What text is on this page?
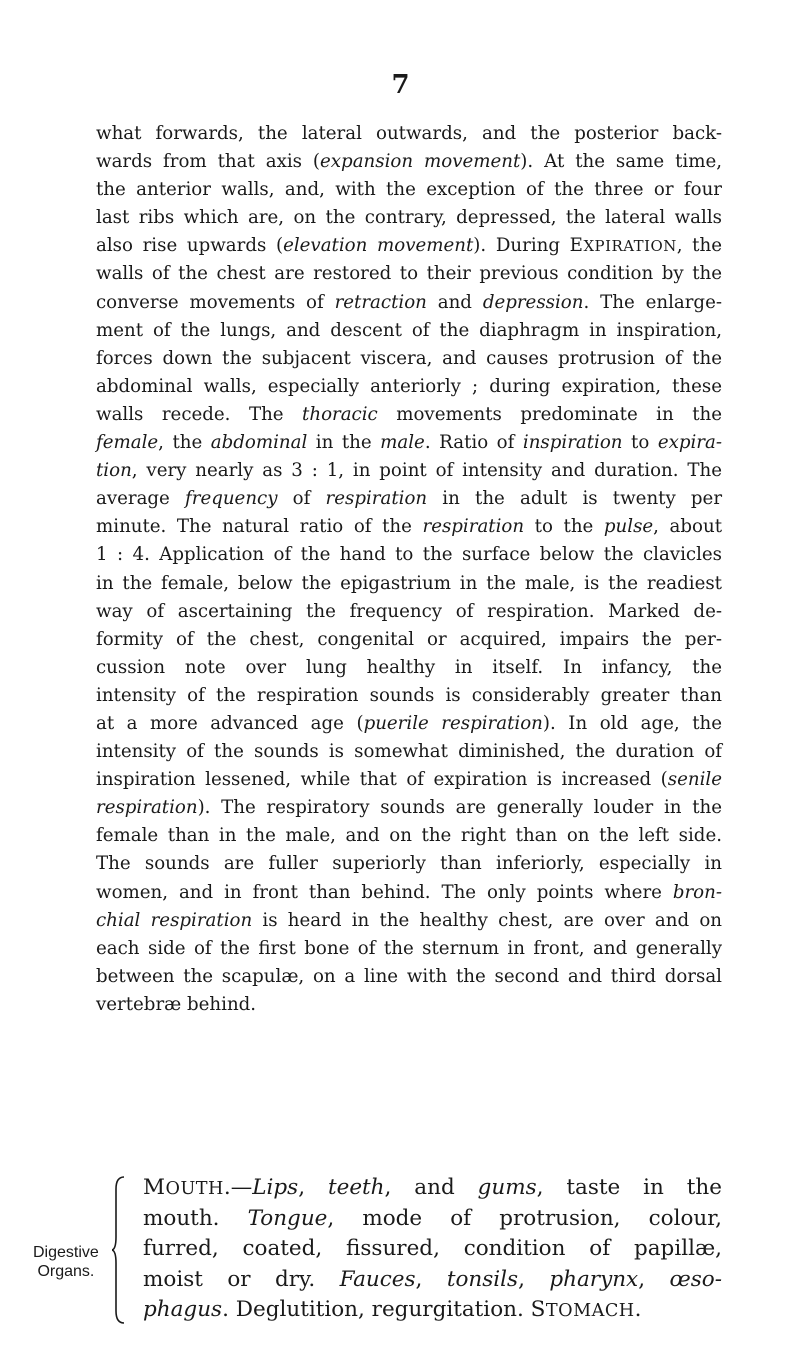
7
what forwards, the lateral outwards, and the posterior back-
wards from that axis (expansion movement). At the same time,
the anterior walls, and, with the exception of the three or four
last ribs which are, on the contrary, depressed, the lateral walls
also rise upwards (elevation movement). During EXPIRATION, the
walls of the chest are restored to their previous condition by the
converse movements of retraction and depression. The enlarge-
ment of the lungs, and descent of the diaphragm in inspiration,
forces down the subjacent viscera, and causes protrusion of the
abdominal walls, especially anteriorly ; during expiration, these
walls recede. The thoracic movements predominate in the
female, the abdominal in the male. Ratio of inspiration to expira-
tion, very nearly as 3 : 1, in point of intensity and duration. The
average frequency of respiration in the adult is twenty per
minute. The natural ratio of the respiration to the pulse, about
1 : 4. Application of the hand to the surface below the clavicles
in the female, below the epigastrium in the male, is the readiest
way of ascertaining the frequency of respiration. Marked de-
formity of the chest, congenital or acquired, impairs the per-
cussion note over lung healthy in itself. In infancy, the
intensity of the respiration sounds is considerably greater than
at a more advanced age (puerile respiration). In old age, the
intensity of the sounds is somewhat diminished, the duration of
inspiration lessened, while that of expiration is increased (senile
respiration). The respiratory sounds are generally louder in the
female than in the male, and on the right than on the left side.
The sounds are fuller superiorly than inferiorly, especially in
women, and in front than behind. The only points where bron-
chial respiration is heard in the healthy chest, are over and on
each side of the first bone of the sternum in front, and generally
between the scapulæ, on a line with the second and third dorsal
vertebræ behind.
Digestive
Organs.
MOUTH.—Lips, teeth, and gums, taste in the
mouth. Tongue, mode of protrusion, colour,
furred, coated, fissured, condition of papillæ,
moist or dry. Fauces, tonsils, pharynx, œso-
phagus. Deglutition, regurgitation. STOMACH.
